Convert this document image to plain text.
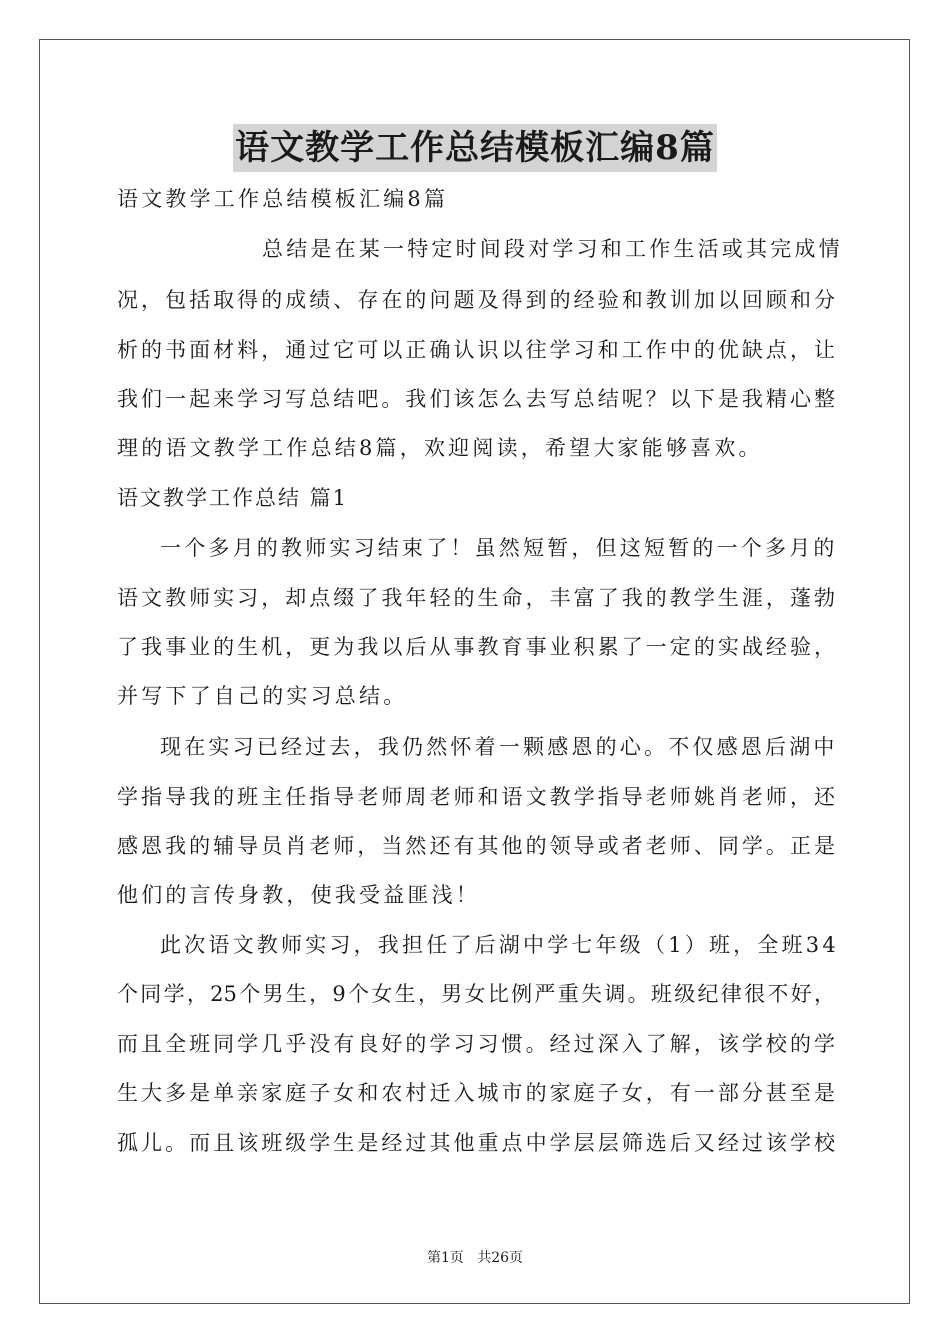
语文教学工作总结模板汇编8篇
语文教学工作总结模板汇编8篇
总结是在某一特定时间段对学习和工作生活或其完成情
况，包括取得的成绩、存在的问题及得到的经验和教训加以回顾和分
析的书面材料，通过它可以正确认识以往学习和工作中的优缺点，让
我们一起来学习写总结吧。我们该怎么去写总结呢？以下是我精心整
理的语文教学工作总结8篇，欢迎阅读，希望大家能够喜欢。
语文教学工作总结 篇1
一个多月的教师实习结束了！虽然短暂，但这短暂的一个多月的
语文教师实习，却点缀了我年轻的生命，丰富了我的教学生涯，蓬勃
了我事业的生机，更为我以后从事教育事业积累了一定的实战经验，
并写下了自己的实习总结。
现在实习已经过去，我仍然怀着一颗感恩的心。不仅感恩后湖中
学指导我的班主任指导老师周老师和语文教学指导老师姚肖老师，还
感恩我的辅导员肖老师，当然还有其他的领导或者老师、同学。正是
他们的言传身教，使我受益匪浅！
此次语文教师实习，我担任了后湖中学七年级（1）班，全班34
个同学，25个男生，9个女生，男女比例严重失调。班级纪律很不好，
而且全班同学几乎没有良好的学习习惯。经过深入了解，该学校的学
生大多是单亲家庭子女和农村迁入城市的家庭子女，有一部分甚至是
孤儿。而且该班级学生是经过其他重点中学层层筛选后又经过该学校
第1页   共26页
